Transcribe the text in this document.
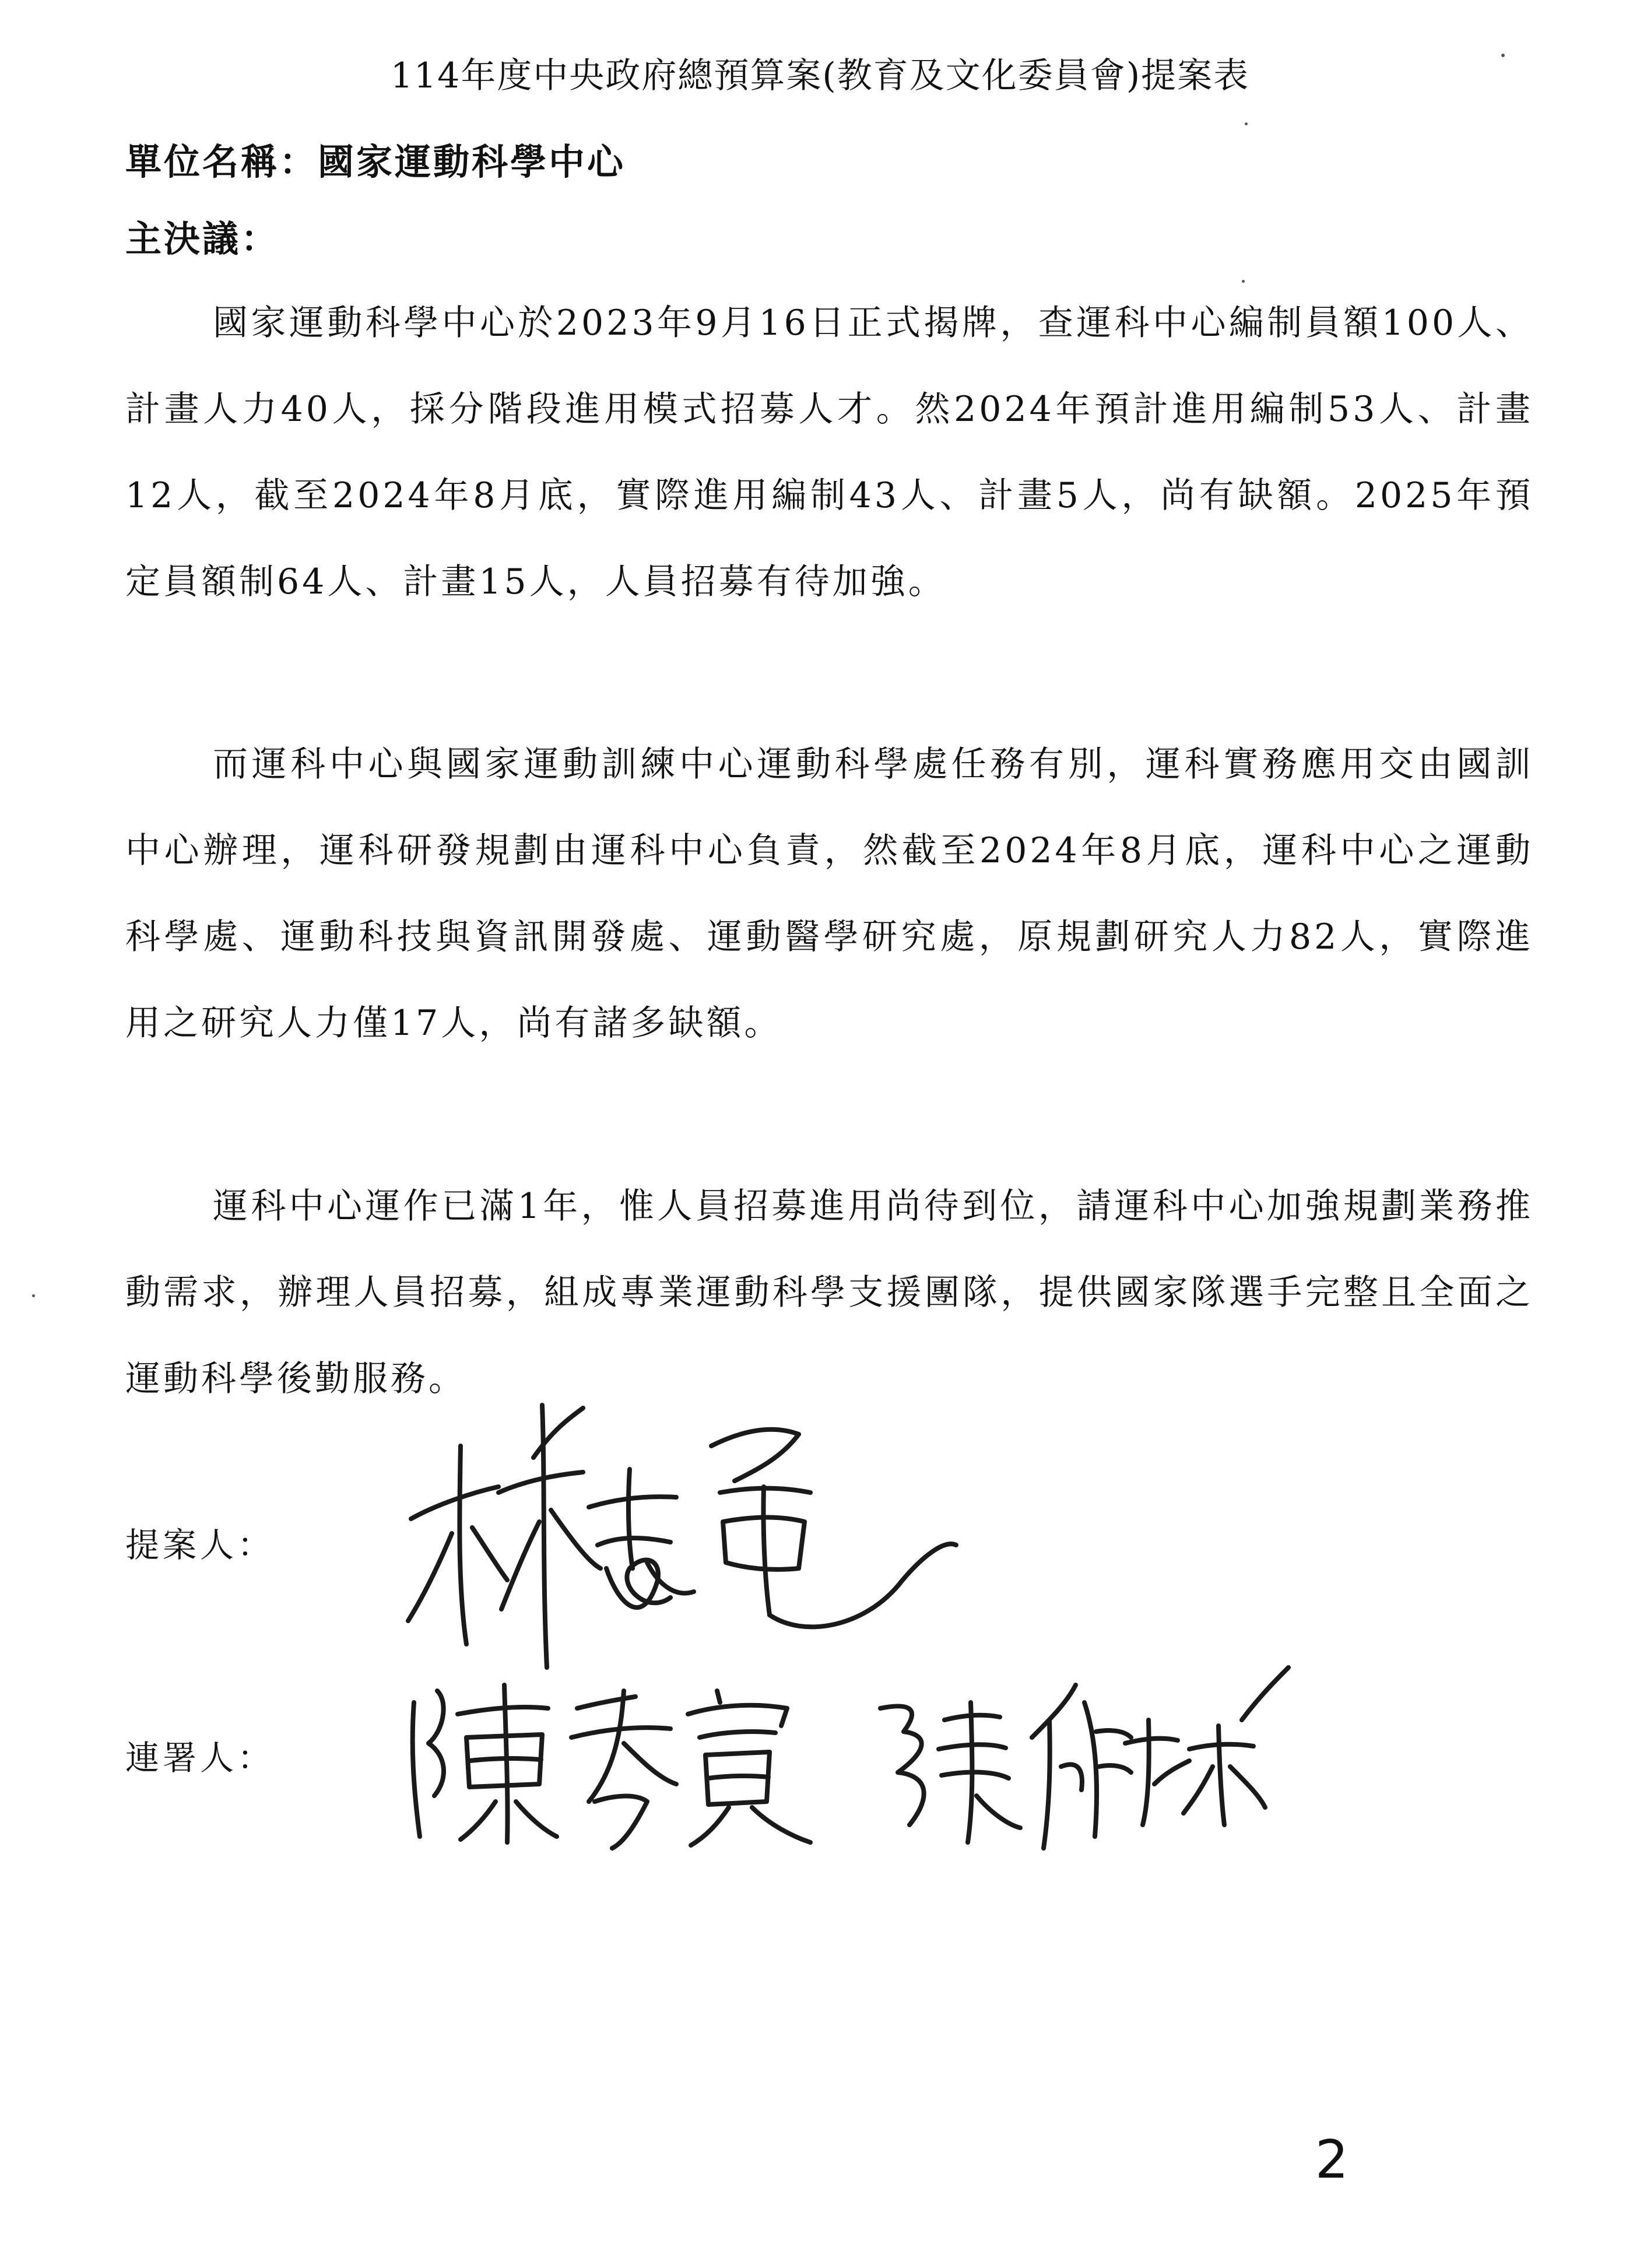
114年度中央政府總預算案(教育及文化委員會)提案表
單位名稱：國家運動科學中心
主決議：

國家運動科學中心於2023年9月16日正式揭牌，查運科中心編制員額100人、計畫人力40人，採分階段進用模式招募人才。然2024年預計進用編制53人、計畫12人，截至2024年8月底，實際進用編制43人、計畫5人，尚有缺額。2025年預定員額制64人、計畫15人，人員招募有待加強。

而運科中心與國家運動訓練中心運動科學處任務有別，運科實務應用交由國訓中心辦理，運科研發規劃由運科中心負責，然截至2024年8月底，運科中心之運動科學處、運動科技與資訊開發處、運動醫學研究處，原規劃研究人力82人，實際進用之研究人力僅17人，尚有諸多缺額。

運科中心運作已滿1年，惟人員招募進用尚待到位，請運科中心加強規劃業務推動需求，辦理人員招募，組成專業運動科學支援團隊，提供國家隊選手完整且全面之運動科學後勤服務。

提案人：
連署人：
2
